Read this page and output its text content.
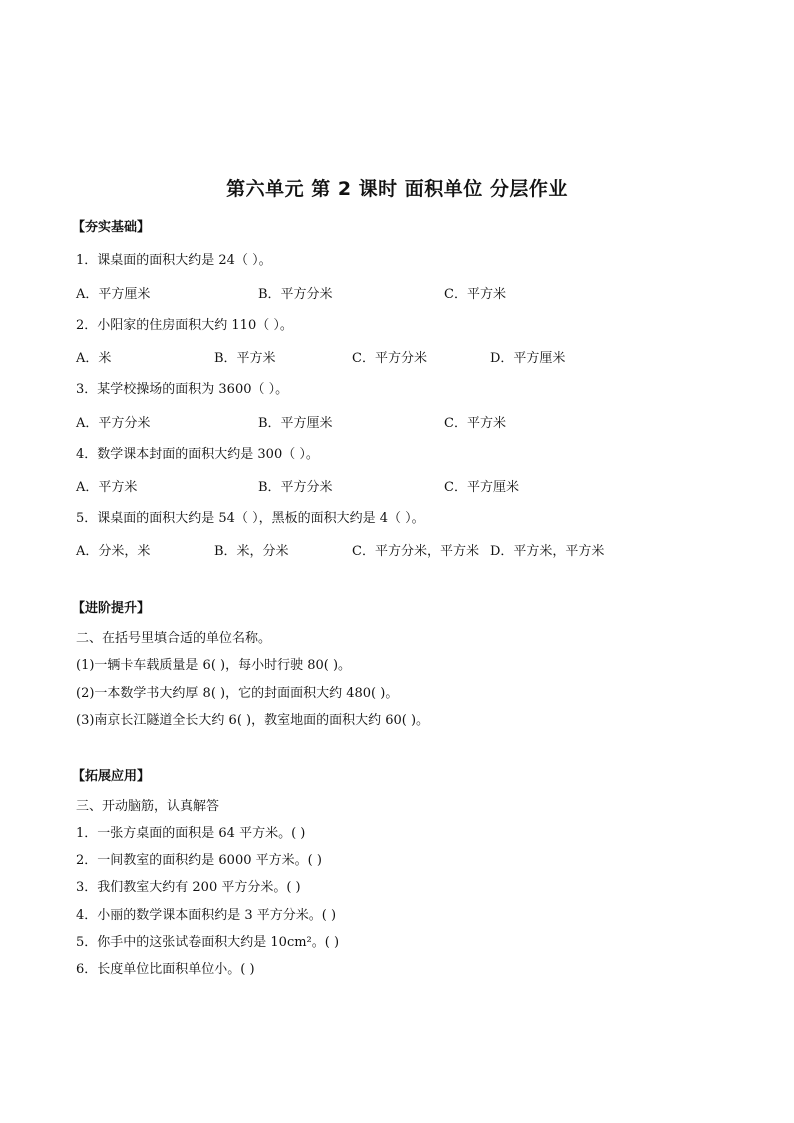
第六单元 第 2 课时 面积单位 分层作业
【夯实基础】
1．课桌面的面积大约是 24（ ）。
A．平方厘米	B．平方分米	C．平方米
2．小阳家的住房面积大约 110（ ）。
A．米	B．平方米	C．平方分米	D．平方厘米
3．某学校操场的面积为 3600（ ）。
A．平方分米	B．平方厘米	C．平方米
4．数学课本封面的面积大约是 300（ ）。
A．平方米	B．平方分米	C．平方厘米
5．课桌面的面积大约是 54（ ），黑板的面积大约是 4（ ）。
A．分米，米	B．米，分米	C．平方分米，平方米 D．平方米，平方米
【进阶提升】
二、在括号里填合适的单位名称。
(1)一辆卡车载质量是 6( )，每小时行驶 80( )。
(2)一本数学书大约厚 8( )，它的封面面积大约 480( )。
(3)南京长江隧道全长大约 6( )，教室地面的面积大约 60( )。
【拓展应用】
三、开动脑筋，认真解答
1．一张方桌面的面积是 64 平方米。( )
2．一间教室的面积约是 6000 平方米。( )
3．我们教室大约有 200 平方分米。( )
4．小丽的数学课本面积约是 3 平方分米。( )
5．你手中的这张试卷面积大约是 10cm²。( )
6．长度单位比面积单位小。( )
